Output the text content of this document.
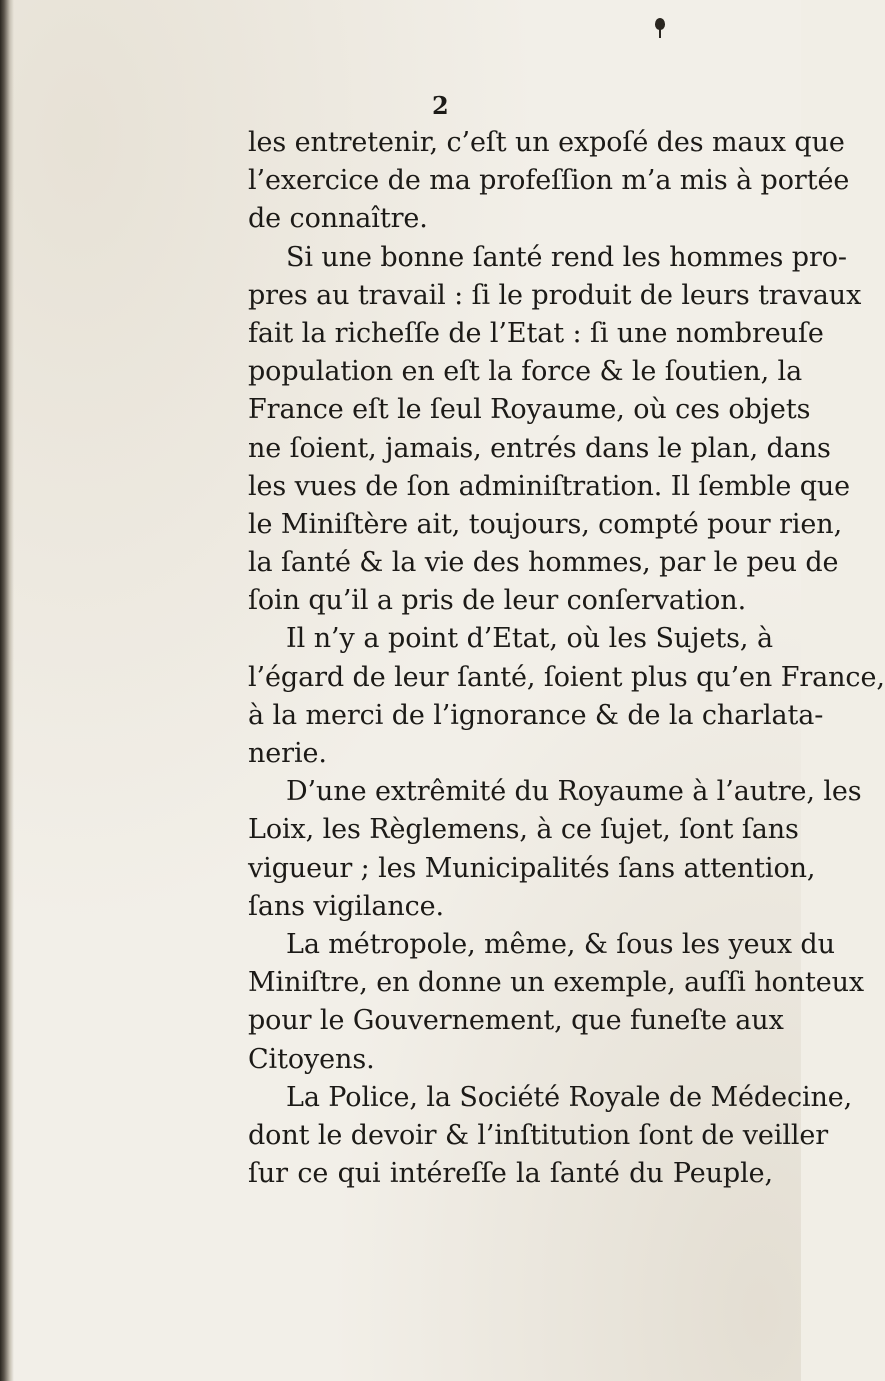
2
les entretenir, c’eſt un expoſé des maux que
l’exercice de ma profeſſion m’a mis à portée
de connaître.
Si une bonne ſanté rend les hommes pro-
pres au travail : ſi le produit de leurs travaux
fait la richeſſe de l’Etat : ſi une nombreuſe
population en eſt la force & le ſoutien, la
France eſt le ſeul Royaume, où ces objets
ne ſoient, jamais, entrés dans le plan, dans
les vues de ſon adminiſtration. Il ſemble que
le Miniſtère ait, toujours, compté pour rien,
la ſanté & la vie des hommes, par le peu de
ſoin qu’il a pris de leur conſervation.
Il n’y a point d’Etat, où les Sujets, à
l’égard de leur ſanté, ſoient plus qu’en France,
à la merci de l’ignorance & de la charlata-
nerie.
D’une extrêmité du Royaume à l’autre, les
Loix, les Règlemens, à ce ſujet, ſont ſans
vigueur ; les Municipalités ſans attention,
ſans vigilance.
La métropole, même, & ſous les yeux du
Miniſtre, en donne un exemple, auſſi honteux
pour le Gouvernement, que funeſte aux
Citoyens.
La Police, la Société Royale de Médecine,
dont le devoir & l’inſtitution ſont de veiller
ſur ce qui intéreſſe la ſanté du Peuple,
